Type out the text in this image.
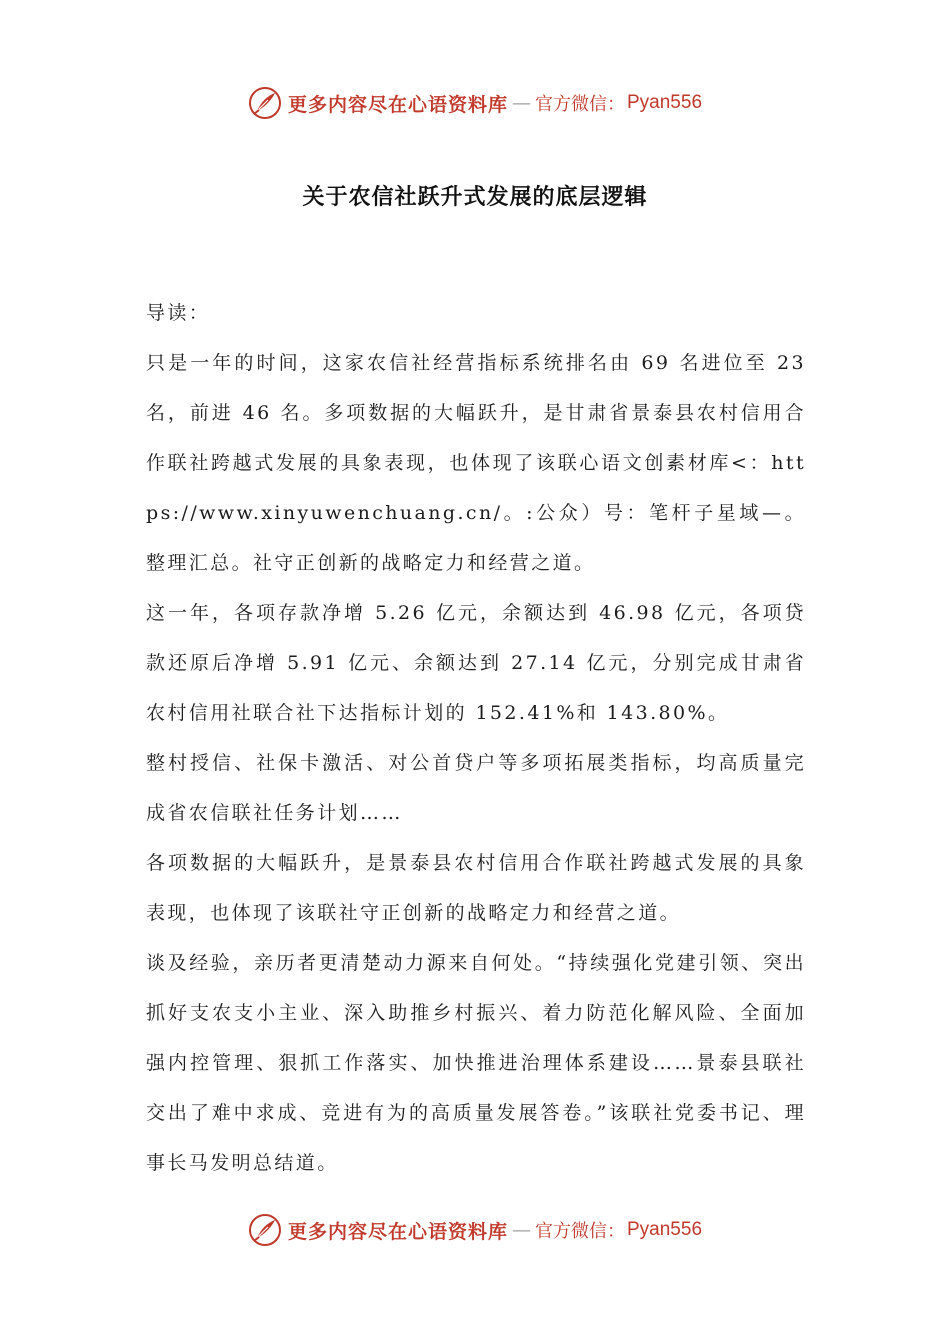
更多内容尽在心语资料库 — 官方微信： Pyan556
关于农信社跃升式发展的底层逻辑

导读：

只是一年的时间，这家农信社经营指标系统排名由 69 名进位至 23 名，前进 46 名。多项数据的大幅跃升，是甘肃省景泰县农村信用合作联社跨越式发展的具象表现，也体现了该联心语文创素材库<：https://www.xinyuwenchuang.cn/。:公众）号：笔杆子星域—。整理汇总。社守正创新的战略定力和经营之道。

这一年，各项存款净增 5.26 亿元，余额达到 46.98 亿元，各项贷款还原后净增 5.91 亿元、余额达到 27.14 亿元，分别完成甘肃省农村信用社联合社下达指标计划的 152.41%和 143.80%。

整村授信、社保卡激活、对公首贷户等多项拓展类指标，均高质量完成省农信联社任务计划……

各项数据的大幅跃升，是景泰县农村信用合作联社跨越式发展的具象表现，也体现了该联社守正创新的战略定力和经营之道。

谈及经验，亲历者更清楚动力源来自何处。“持续强化党建引领、突出抓好支农支小主业、深入助推乡村振兴、着力防范化解风险、全面加强内控管理、狠抓工作落实、加快推进治理体系建设……景泰县联社交出了难中求成、竞进有为的高质量发展答卷。”该联社党委书记、理事长马发明总结道。

更多内容尽在心语资料库 — 官方微信： Pyan556
